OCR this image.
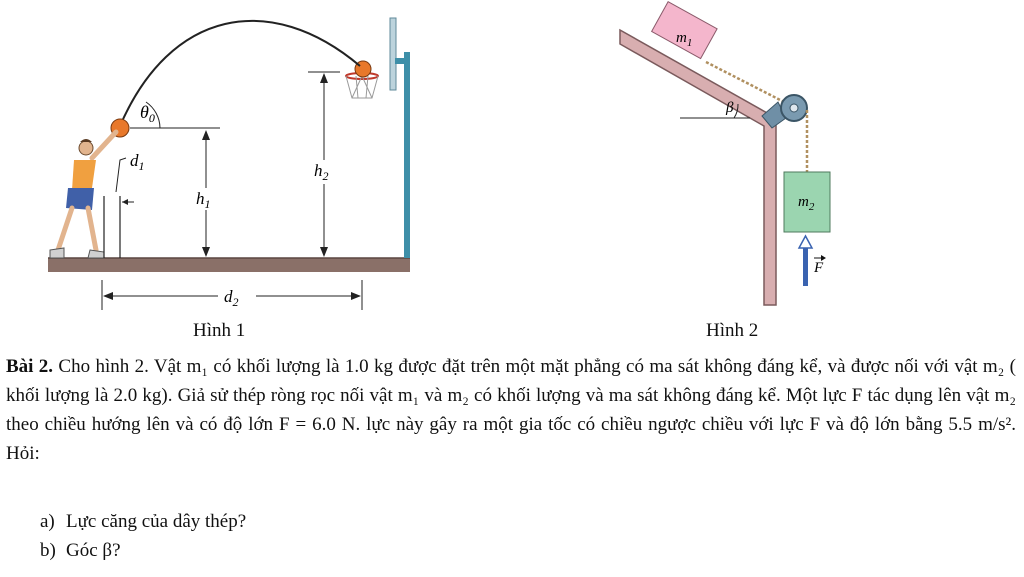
$\theta_0$
$d_1$
$h_1$
$h_2$
$d_2$
β
$m_1$
$m_2$
F
Hình 1	Hình 2

Bài 2. Cho hình 2. Vật m₁ có khối lượng là 1.0 kg được đặt trên một mặt phẳng có ma sát không đáng kể, và được nối với vật m₂ ( khối lượng là 2.0 kg). Giả sử thép ròng rọc nối vật m₁ và m₂ có khối lượng và ma sát không đáng kể. Một lực F tác dụng lên vật m₂ theo chiều hướng lên và có độ lớn F = 6.0 N. lực này gây ra một gia tốc có chiều ngược chiều với lực F và độ lớn bằng 5.5 m/s². Hỏi:

a) Lực căng của dây thép?
b) Góc β?
